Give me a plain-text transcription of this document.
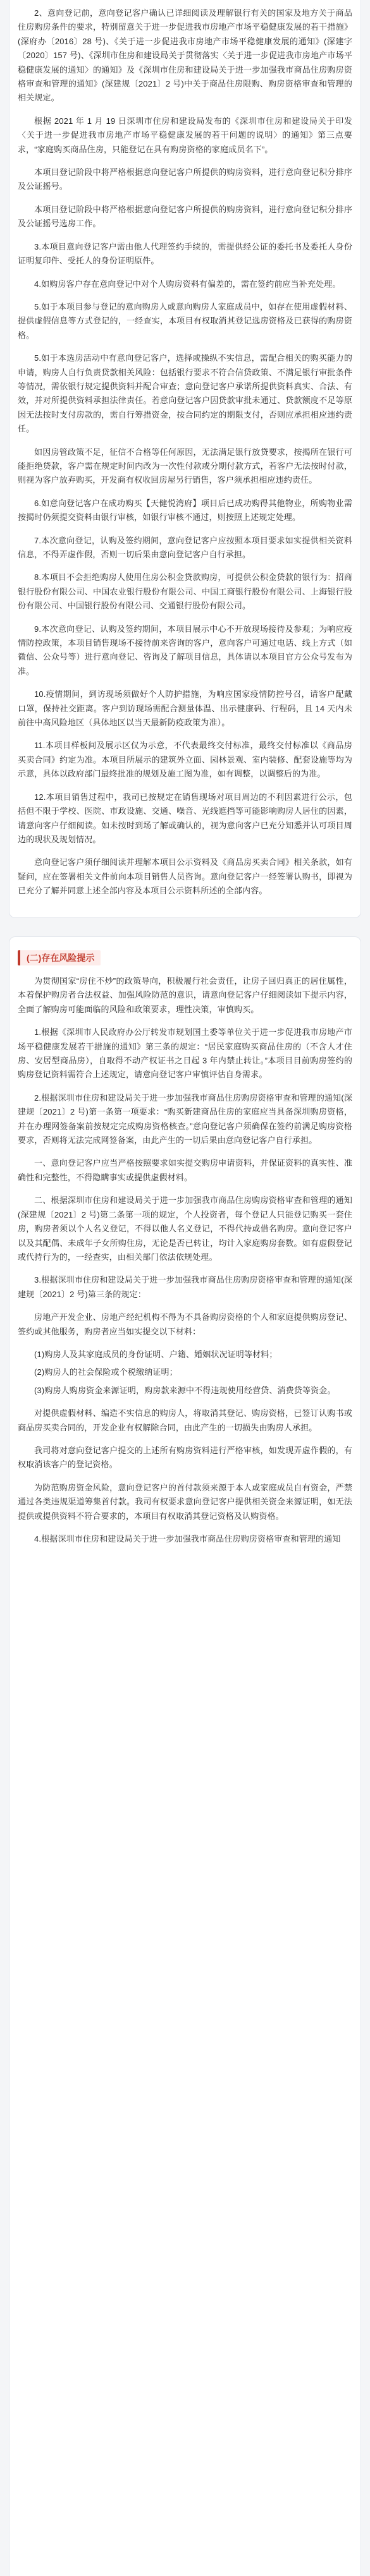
2、意向登记前，意向登记客户确认已详细阅读及理解银行有关的国家及地方关于商品住房购房条件的要求，特别留意关于进一步促进我市房地产市场平稳健康发展的若干措施》(深府办〔2016〕28 号)、《关于进一步促进我市房地产市场平稳健康发展的通知》(深建字〔2020〕157 号)、《深圳市住房和建设局关于贯彻落实〈关于进一步促进我市房地产市场平稳健康发展的通知〉的通知》及《深圳市住房和建设局关于进一步加强我市商品住房购房资格审查和管理的通知》(深建规〔2021〕2 号)中关于商品住房限购、购房资格审查和管理的相关规定。

根据 2021 年 1 月 19 日深圳市住房和建设局发布的《深圳市住房和建设局关于印发〈关于进一步促进我市房地产市场平稳健康发展的若干问题的说明〉的通知》第三点要求，“家庭购买商品住房，只能登记在具有购房资格的家庭成员名下”。

本项目登记阶段中将严格根据意向登记客户所提供的购房资料，进行意向登记积分排序及公证摇号。

本项目登记阶段中将严格根据意向登记客户所提供的购房资料，进行意向登记积分排序及公证摇号选房工作。

3.本项目意向登记客户需由他人代理签约手续的，需提供经公证的委托书及委托人身份证明复印件、受托人的身份证明原件。

4.如购房客户存在意向登记中对个人购房资料有偏差的，需在签约前应当补充处理。

5.如于本项目参与登记的意向购房人或意向购房人家庭成员中，如存在使用虚假材料、提供虚假信息等方式登记的，一经查实，本项目有权取消其登记选房资格及已获得的购房资格。

5.如于本选房活动中有意向登记客户，选择或操纵不实信息，需配合相关的购买能力的申请，购房人自行负责贷款相关风险：包括银行要求不符合信贷政策、不满足银行审批条件等情况，需依银行规定提供资料并配合审查；意向登记客户承诺所提供资料真实、合法、有效，并对所提供资料承担法律责任。若意向登记客户因贷款审批未通过、贷款额度不足等原因无法按时支付房款的，需自行筹措资金，按合同约定的期限支付，否则应承担相应违约责任。

如因房管政策不足，征信不合格等任何原因，无法满足银行放贷要求，按揭所在银行可能拒绝贷款，客户需在规定时间内改为一次性付款或分期付款方式，若客户无法按时付款，则视为客户放弃购买，开发商有权收回房屋另行销售，客户须承担相应违约责任。

6.如意向登记客户在成功购买【天健悦湾府】项目后已成功购得其他物业，所购物业需按揭时仍须提交资料由银行审核，如银行审核不通过，则按照上述规定处理。

7.本次意向登记，认购及签约期间，意向登记客户应按照本项目要求如实提供相关资料信息，不得弄虚作假，否则一切后果由意向登记客户自行承担。

8.本项目不会拒绝购房人使用住房公积金贷款购房，可提供公积金贷款的银行为：招商银行股份有限公司、中国农业银行股份有限公司、中国工商银行股份有限公司、上海银行股份有限公司、中国银行股份有限公司、交通银行股份有限公司。

9.本次意向登记、认购及签约期间，本项目展示中心不开放现场接待及参观；为响应疫情防控政策，本项目销售现场不接待前来咨询的客户，意向客户可通过电话、线上方式（如微信、公众号等）进行意向登记、咨询及了解项目信息，具体请以本项目官方公众号发布为准。

10.疫情期间，到访现场须做好个人防护措施，为响应国家疫情防控号召，请客户配戴口罩，保持社交距离。客户到访现场需配合测量体温、出示健康码、行程码，且 14 天内未前往中高风险地区（具体地区以当天最新防疫政策为准）。

11.本项目样板间及展示区仅为示意，不代表最终交付标准，最终交付标准以《商品房买卖合同》约定为准。本项目所展示的建筑外立面、园林景观、室内装修、配套设施等均为示意，具体以政府部门最终批准的规划及施工图为准，如有调整，以调整后的为准。

12.本项目销售过程中，我司已按规定在销售现场对项目周边的不利因素进行公示，包括但不限于学校、医院、市政设施、交通、噪音、光线遮挡等可能影响购房人居住的因素，请意向客户仔细阅读。如未按时到场了解或确认的，视为意向客户已充分知悉并认可项目周边的现状及规划情况。

意向登记客户须仔细阅读并理解本项目公示资料及《商品房买卖合同》相关条款，如有疑问，应在签署相关文件前向本项目销售人员咨询。意向登记客户一经签署认购书，即视为已充分了解并同意上述全部内容及本项目公示资料所述的全部内容。

(二)存在风险提示

为贯彻国家“房住不炒”的政策导向，积极履行社会责任，让房子回归真正的居住属性，本着保护购房者合法权益、加强风险防范的意识，请意向登记客户仔细阅读如下提示内容，全面了解购房可能面临的风险和政策要求，理性决策，审慎购买。

1.根据《深圳市人民政府办公厅转发市规划国土委等单位关于进一步促进我市房地产市场平稳健康发展若干措施的通知》第三条的规定：“居民家庭购买商品住房的（不含人才住房、安居型商品房），自取得不动产权证书之日起 3 年内禁止转让。”本项目目前购房签约的购房登记资料需符合上述规定，请意向登记客户审慎评估自身需求。

2.根据深圳市住房和建设局关于进一步加强我市商品住房购房资格审查和管理的通知(深建规〔2021〕2 号)第一条第一项要求：“购买新建商品住房的家庭应当具备深圳购房资格，并在办理网签备案前按规定完成购房资格核查。”意向登记客户须确保在签约前满足购房资格要求，否则将无法完成网签备案，由此产生的一切后果由意向登记客户自行承担。

一、意向登记客户应当严格按照要求如实提交购房申请资料，并保证资料的真实性、准确性和完整性，不得隐瞒事实或提供虚假材料。

二、根据深圳市住房和建设局关于进一步加强我市商品住房购房资格审查和管理的通知(深建规〔2021〕2 号)第二条第一项的规定，个人投资者，每个登记人只能登记购买一套住房，购房者须以个人名义登记，不得以他人名义登记，不得代持或借名购房。意向登记客户以及其配偶、未成年子女所购住房，无论是否已转让，均计入家庭购房套数。如有虚假登记或代持行为的，一经查实，由相关部门依法依规处理。

3.根据深圳市住房和建设局关于进一步加强我市商品住房购房资格审查和管理的通知(深建规〔2021〕2 号)第三条的规定：

房地产开发企业、房地产经纪机构不得为不具备购房资格的个人和家庭提供购房登记、签约或其他服务，购房者应当如实提交以下材料：

(1)购房人及其家庭成员的身份证明、户籍、婚姻状况证明等材料；

(2)购房人的社会保险或个税缴纳证明；

(3)购房人购房资金来源证明，购房款来源中不得违规使用经营贷、消费贷等资金。

对提供虚假材料、编造不实信息的购房人，将取消其登记、购房资格，已签订认购书或商品房买卖合同的，开发企业有权解除合同，由此产生的一切损失由购房人承担。

我司将对意向登记客户提交的上述所有购房资料进行严格审核，如发现弄虚作假的，有权取消该客户的登记资格。

为防范购房资金风险，意向登记客户的首付款须来源于本人或家庭成员自有资金，严禁通过各类违规渠道筹集首付款。我司有权要求意向登记客户提供相关资金来源证明，如无法提供或提供资料不符合要求的，本项目有权取消其登记资格及认购资格。

4.根据深圳市住房和建设局关于进一步加强我市商品住房购房资格审查和管理的通知
